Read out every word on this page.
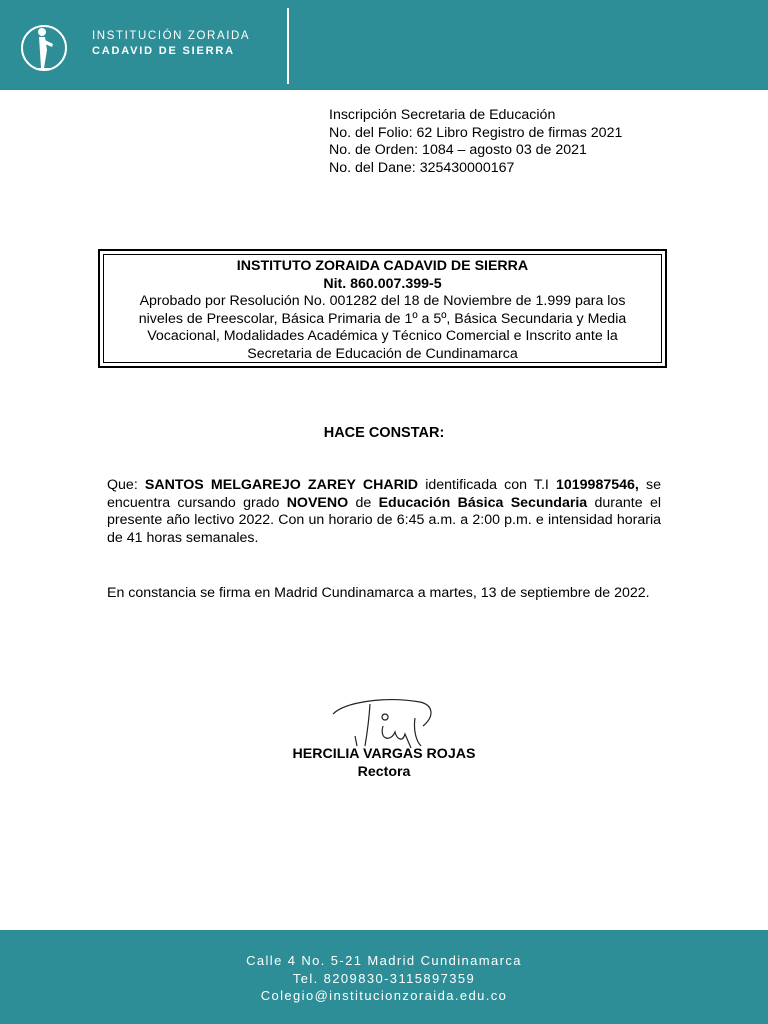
INSTITUCIÓN ZORAIDA
CADAVID DE SIERRA
Inscripción Secretaria de Educación
No. del Folio: 62 Libro Registro de firmas 2021
No. de Orden: 1084 – agosto 03 de 2021
No. del Dane: 325430000167
INSTITUTO ZORAIDA CADAVID DE SIERRA
Nit. 860.007.399-5
Aprobado por Resolución No. 001282 del 18 de Noviembre de 1.999 para los
niveles de Preescolar, Básica Primaria de 1º a 5º, Básica Secundaria y Media
Vocacional, Modalidades Académica y Técnico Comercial e Inscrito ante la
Secretaria de Educación de Cundinamarca
HACE CONSTAR:
Que: SANTOS MELGAREJO ZAREY CHARID identificada con T.I 1019987546, se encuentra cursando grado NOVENO de Educación Básica Secundaria durante el presente año lectivo 2022. Con un horario de 6:45 a.m. a 2:00 p.m. e intensidad horaria de 41 horas semanales.
En constancia se firma en Madrid Cundinamarca a martes, 13 de septiembre de 2022.
HERCILIA VARGAS ROJAS
Rectora
Calle 4 No. 5-21 Madrid Cundinamarca
Tel. 8209830-3115897359
Colegio@institucionzoraida.edu.co
